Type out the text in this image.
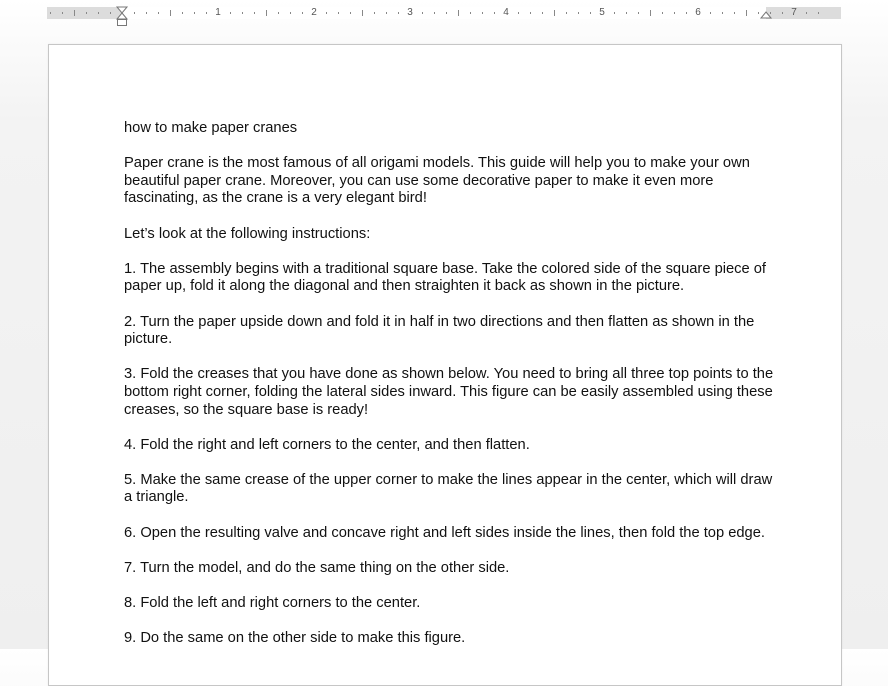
1	2	3	4	5	6	7

how to make paper cranes

Paper crane is the most famous of all origami models. This guide will help you to make your own beautiful paper crane. Moreover, you can use some decorative paper to make it even more fascinating, as the crane is a very elegant bird!

Let’s look at the following instructions:

1. The assembly begins with a traditional square base. Take the colored side of the square piece of paper up, fold it along the diagonal and then straighten it back as shown in the picture.

2. Turn the paper upside down and fold it in half in two directions and then flatten as shown in the picture.

3. Fold the creases that you have done as shown below. You need to bring all three top points to the bottom right corner, folding the lateral sides inward. This figure can be easily assembled using these creases, so the square base is ready!

4. Fold the right and left corners to the center, and then flatten.

5. Make the same crease of the upper corner to make the lines appear in the center, which will draw a triangle.

6. Open the resulting valve and concave right and left sides inside the lines, then fold the top edge.

7. Turn the model, and do the same thing on the other side.

8. Fold the left and right corners to the center.

9. Do the same on the other side to make this figure.
